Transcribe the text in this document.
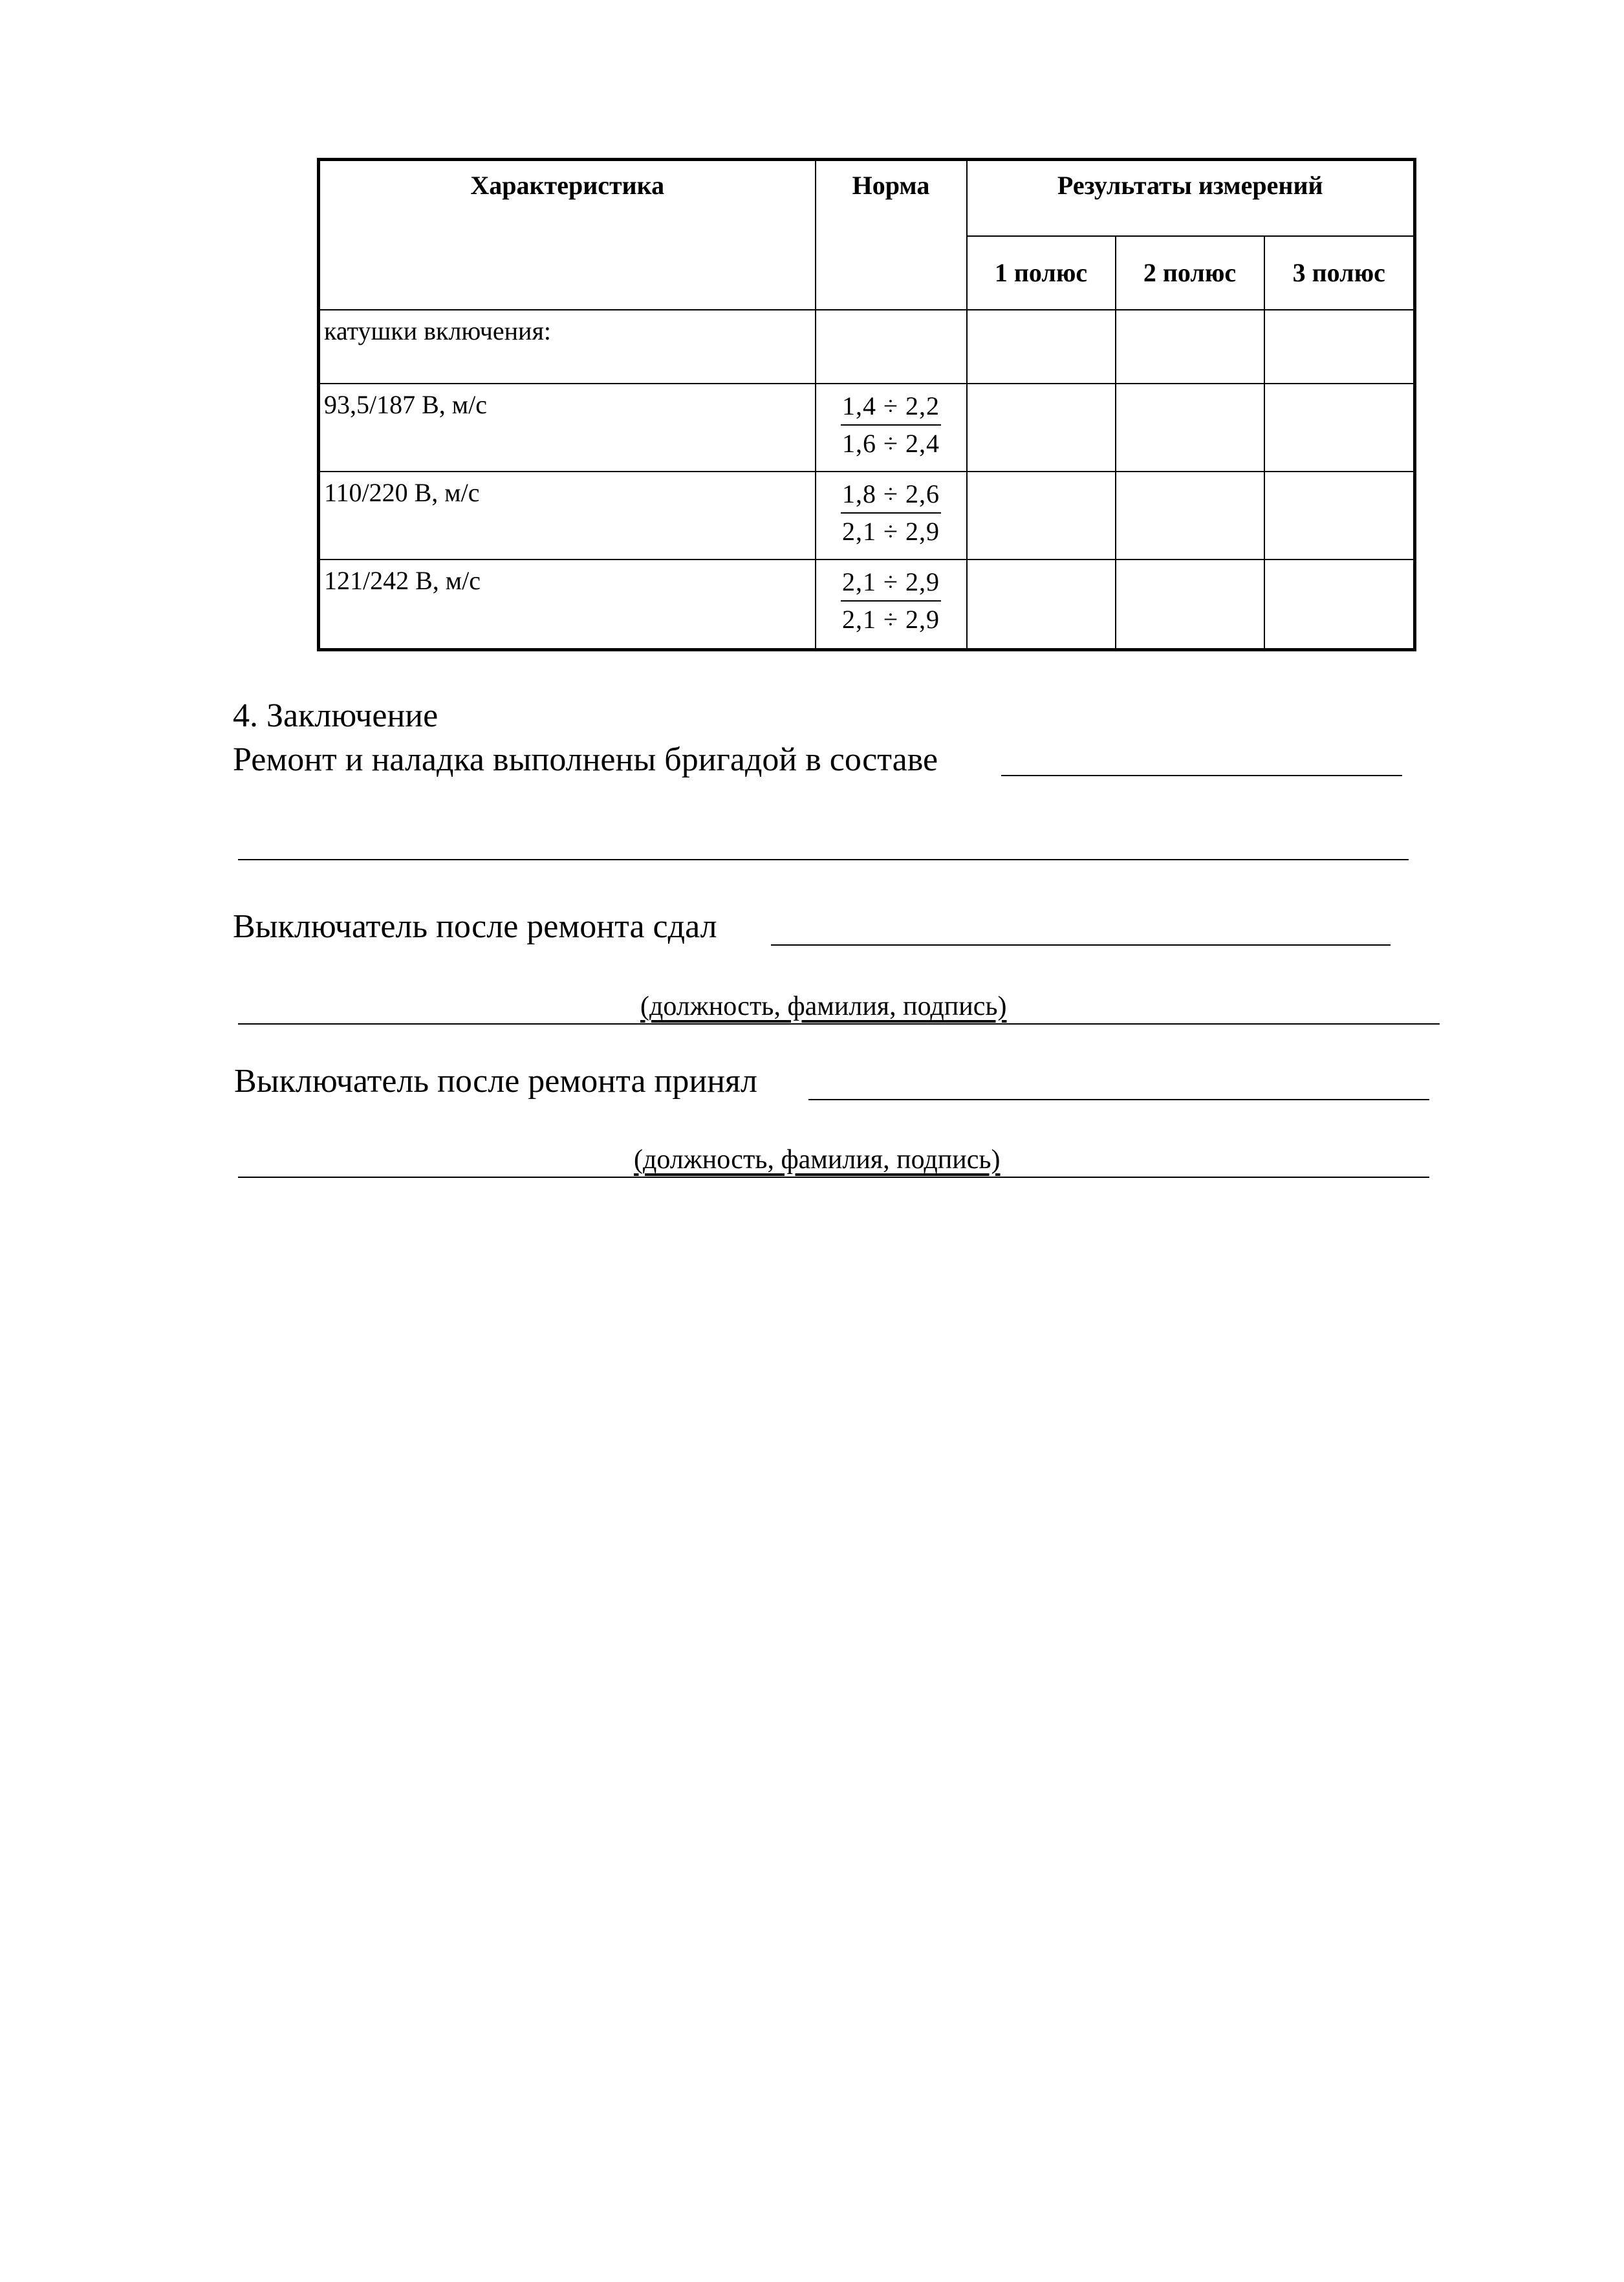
Характеристика	Норма	Результаты измерений		
		1 полюс	2 полюс	3 полюс
катушки включения:				
93,5/187 В, м/с	1,4 ÷ 2,2
1,6 ÷ 2,4			

110/220 В, м/с	1,8 ÷ 2,6
2,1 ÷ 2,9			

121/242 В, м/с	2,1 ÷ 2,9
2,1 ÷ 2,9			

4. Заключение
Ремонт и наладка выполнены бригадой в составе
Выключатель после ремонта сдал
(должность, фамилия, подпись)
Выключатель после ремонта принял
(должность, фамилия, подпись)
